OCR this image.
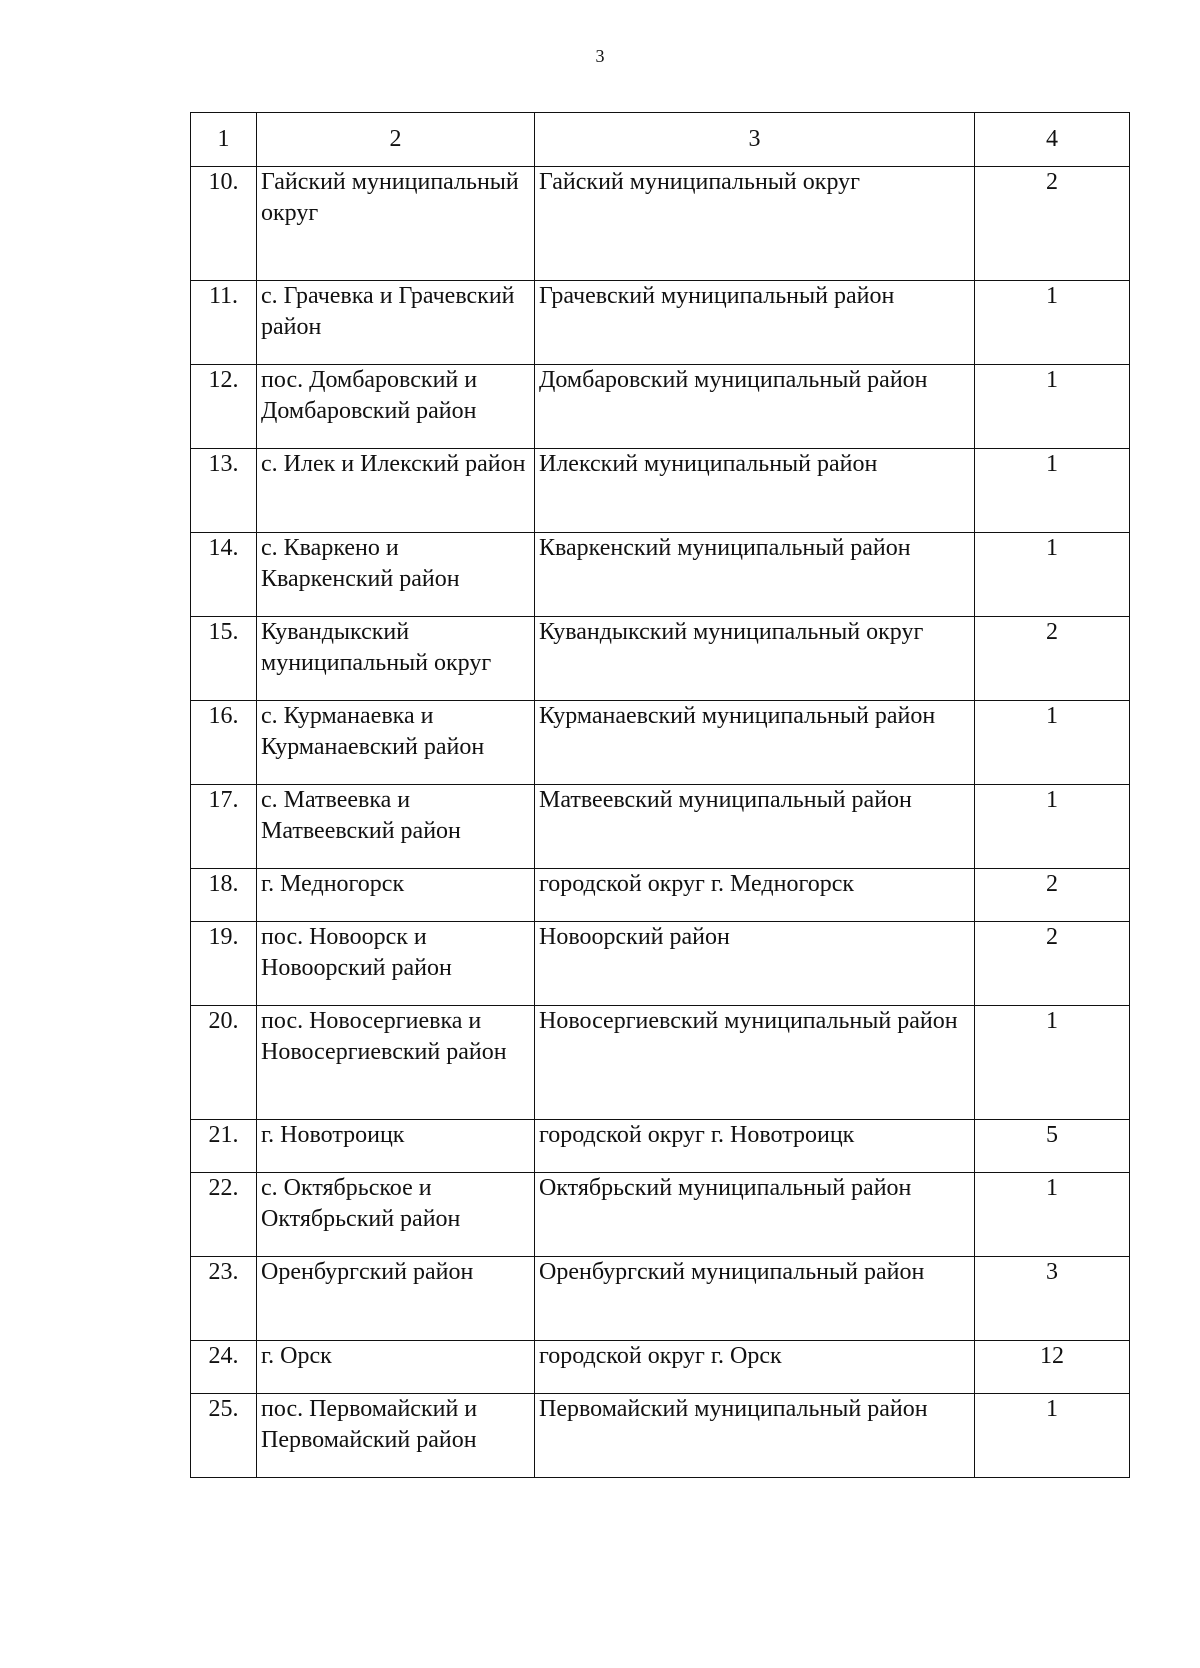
3
1	2	3	4
10.	Гайский муниципальный округ	Гайский муниципальный округ	2
11.	с. Грачевка и Грачевский район	Грачевский муниципальный район	1
12.	пос. Домбаровский и Домбаровский район	Домбаровский муниципальный район	1
13.	с. Илек и Илекский район	Илекский муниципальный район	1
14.	с. Кваркено и Кваркенский район	Кваркенский муниципальный район	1
15.	Кувандыкский муниципальный округ	Кувандыкский муниципальный округ	2
16.	с. Курманаевка и Курманаевский район	Курманаевский муниципальный район	1
17.	с. Матвеевка и Матвеевский район	Матвеевский муниципальный район	1
18.	г. Медногорск	городской округ г. Медногорск	2
19.	пос. Новоорск и Новоорский район	Новоорский район	2
20.	пос. Новосергиевка и Новосергиевский район	Новосергиевский муниципальный район	1
21.	г. Новотроицк	городской округ г. Новотроицк	5
22.	с. Октябрьское и Октябрьский район	Октябрьский муниципальный район	1
23.	Оренбургский район	Оренбургский муниципальный район	3
24.	г. Орск	городской округ г. Орск	12
25.	пос. Первомайский и Первомайский район	Первомайский муниципальный район	1
